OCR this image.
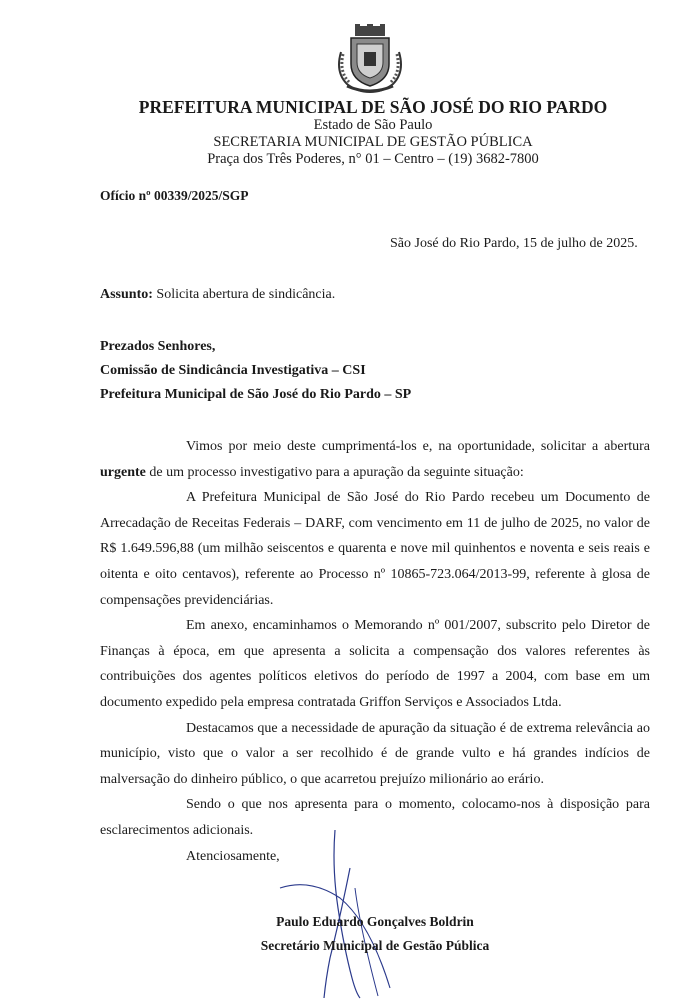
PREFEITURA MUNICIPAL DE SÃO JOSÉ DO RIO PARDO
Estado de São Paulo
SECRETARIA MUNICIPAL DE GESTÃO PÚBLICA
Praça dos Três Poderes, n° 01 – Centro – (19) 3682-7800
Ofício nº 00339/2025/SGP
São José do Rio Pardo, 15 de julho de 2025.
Assunto: Solicita abertura de sindicância.
Prezados Senhores,
Comissão de Sindicância Investigativa – CSI
Prefeitura Municipal de São José do Rio Pardo – SP

Vimos por meio deste cumprimentá-los e, na oportunidade, solicitar a abertura urgente de um processo investigativo para a apuração da seguinte situação:

A Prefeitura Municipal de São José do Rio Pardo recebeu um Documento de Arrecadação de Receitas Federais – DARF, com vencimento em 11 de julho de 2025, no valor de R$ 1.649.596,88 (um milhão seiscentos e quarenta e nove mil quinhentos e noventa e seis reais e oitenta e oito centavos), referente ao Processo nº 10865-723.064/2013-99, referente à glosa de compensações previdenciárias.

Em anexo, encaminhamos o Memorando nº 001/2007, subscrito pelo Diretor de Finanças à época, em que apresenta a solicita a compensação dos valores referentes às contribuições dos agentes políticos eletivos do período de 1997 a 2004, com base em um documento expedido pela empresa contratada Griffon Serviços e Associados Ltda.

Destacamos que a necessidade de apuração da situação é de extrema relevância ao município, visto que o valor a ser recolhido é de grande vulto e há grandes indícios de malversação do dinheiro público, o que acarretou prejuízo milionário ao erário.

Sendo o que nos apresenta para o momento, colocamo-nos à disposição para esclarecimentos adicionais.

Atenciosamente,

Paulo Eduardo Gonçalves Boldrin
Secretário Municipal de Gestão Pública
